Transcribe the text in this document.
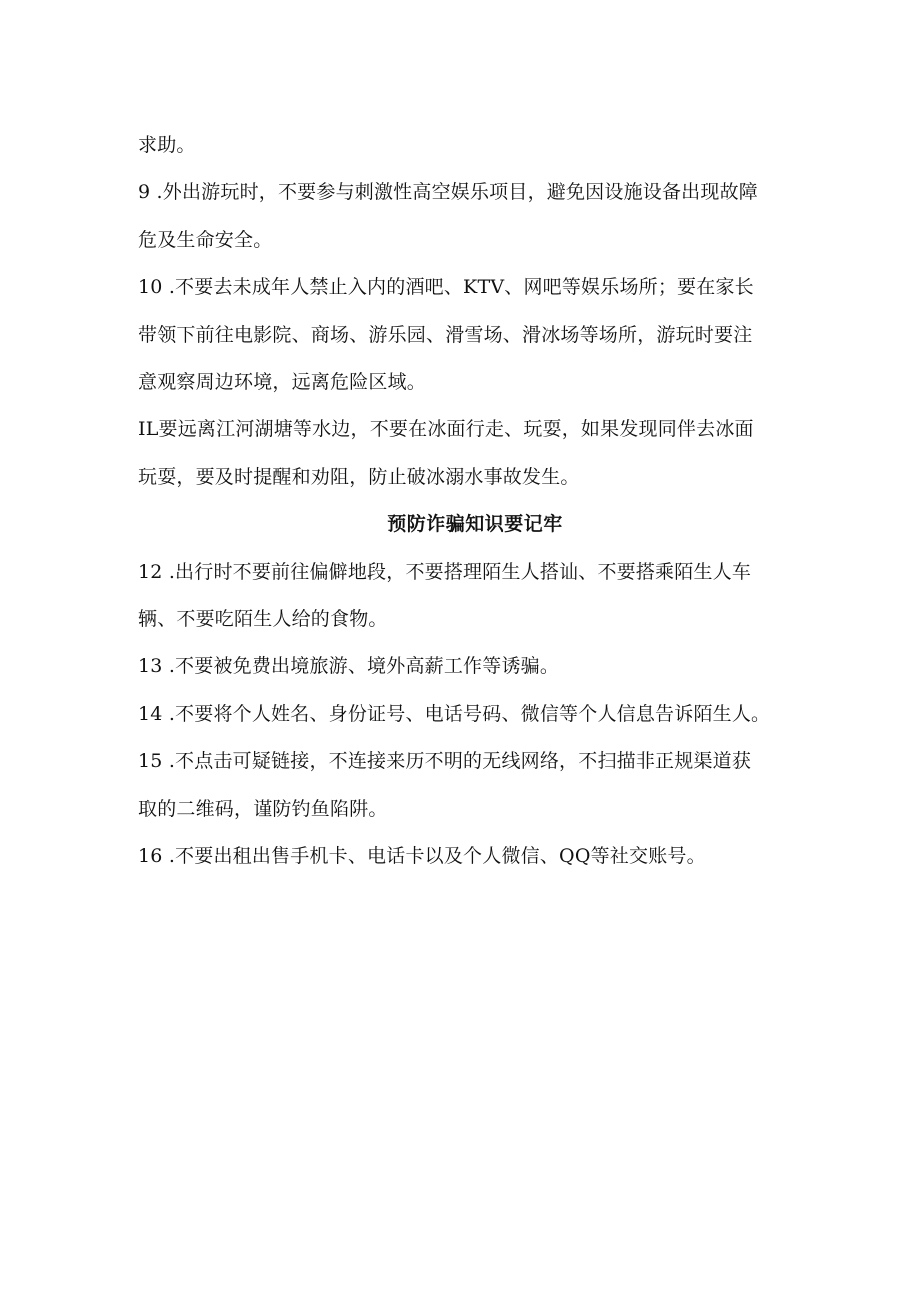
求助。

9 .外出游玩时，不要参与刺激性高空娱乐项目，避免因设施设备出现故障

危及生命安全。

10 .不要去未成年人禁止入内的酒吧、KTV、网吧等娱乐场所；要在家长

带领下前往电影院、商场、游乐园、滑雪场、滑冰场等场所，游玩时要注

意观察周边环境，远离危险区域。

IL要远离江河湖塘等水边，不要在冰面行走、玩耍，如果发现同伴去冰面

玩耍，要及时提醒和劝阻，防止破冰溺水事故发生。

预防诈骗知识要记牢

12 .出行时不要前往偏僻地段，不要搭理陌生人搭讪、不要搭乘陌生人车

辆、不要吃陌生人给的食物。

13 .不要被免费出境旅游、境外高薪工作等诱骗。

14 .不要将个人姓名、身份证号、电话号码、微信等个人信息告诉陌生人。

15 .不点击可疑链接，不连接来历不明的无线网络，不扫描非正规渠道获

取的二维码，谨防钓鱼陷阱。

16 .不要出租出售手机卡、电话卡以及个人微信、QQ等社交账号。
